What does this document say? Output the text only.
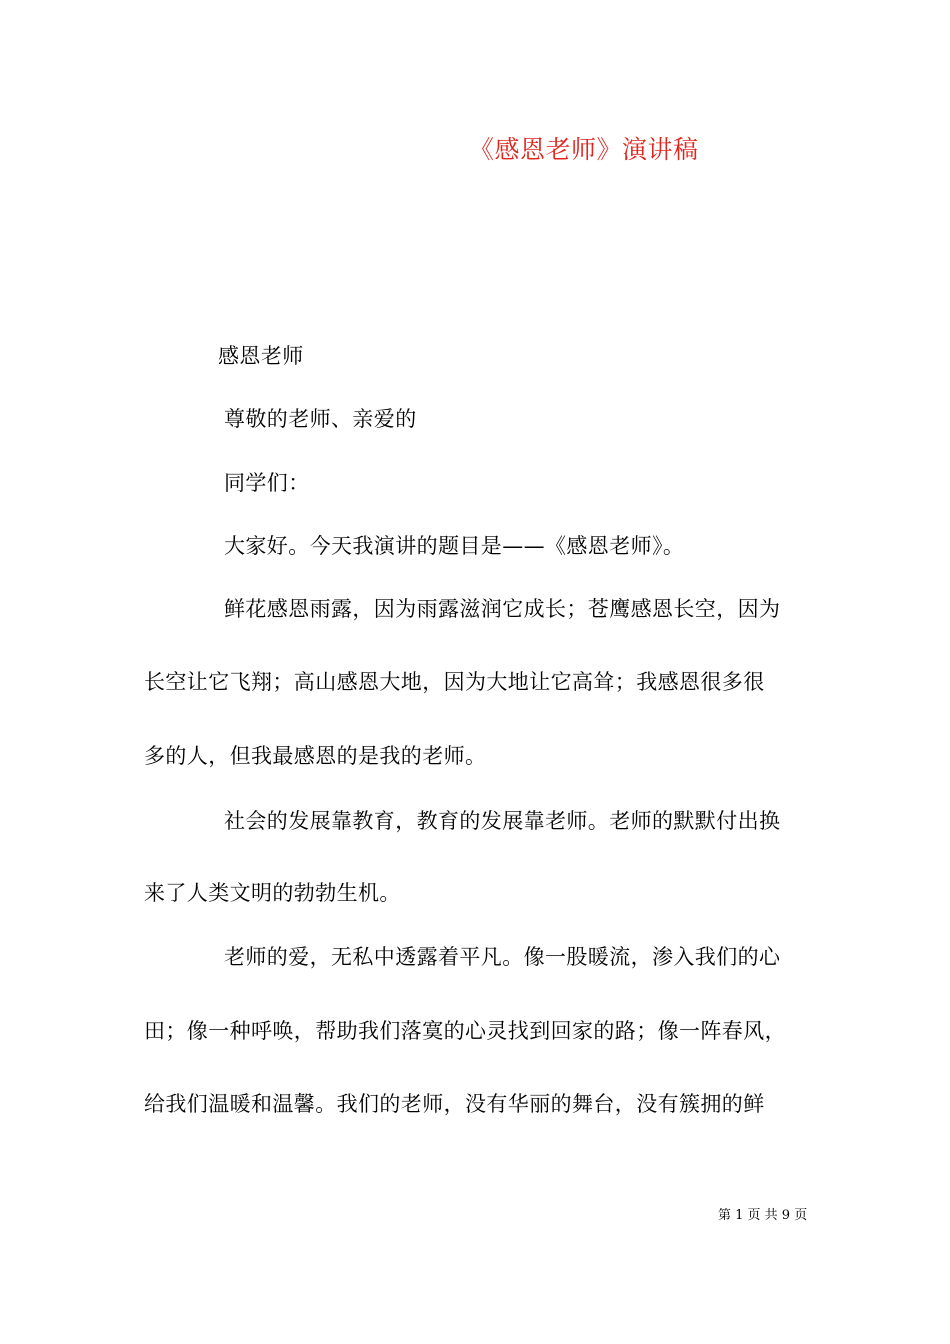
《感恩老师》演讲稿
感恩老师
尊敬的老师、亲爱的
同学们：
大家好。今天我演讲的题目是——《感恩老师》。
鲜花感恩雨露，因为雨露滋润它成长；苍鹰感恩长空，因为
长空让它飞翔；高山感恩大地，因为大地让它高耸；我感恩很多很
多的人，但我最感恩的是我的老师。
社会的发展靠教育，教育的发展靠老师。老师的默默付出换
来了人类文明的勃勃生机。
老师的爱，无私中透露着平凡。像一股暖流，渗入我们的心
田；像一种呼唤，帮助我们落寞的心灵找到回家的路；像一阵春风，
给我们温暖和温馨。我们的老师，没有华丽的舞台，没有簇拥的鲜
第 1 页 共 9 页
